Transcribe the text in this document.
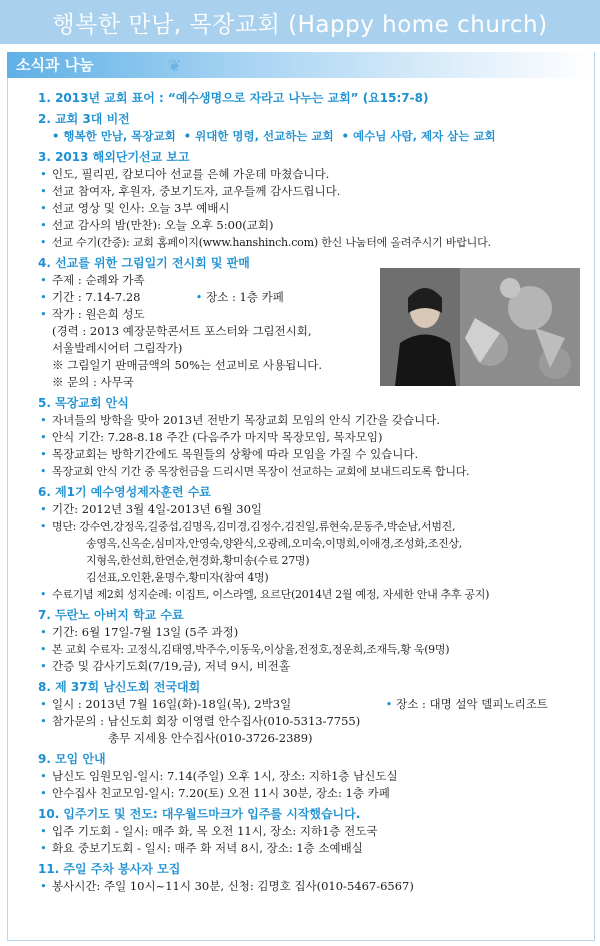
행복한 만남, 목장교회 (Happy home church)
소식과 나눔	❦
1. 2013년 교회 표어 : “예수생명으로 자라고 나누는 교회” (요15:7-8)
2. 교회 3대 비전
• 행복한 만남, 목장교회  • 위대한 명령, 선교하는 교회  • 예수님 사람, 제자 삼는 교회
3. 2013 해외단기선교 보고
• 인도, 필리핀, 캄보디아 선교를 은혜 가운데 마쳤습니다.
• 선교 참여자, 후원자, 중보기도자, 교우들께 감사드립니다.
• 선교 영상 및 인사: 오늘 3부 예배시
• 선교 감사의 밤(만찬): 오늘 오후 5:00(교회)
• 선교 수기(간증): 교회 홈페이지(www.hanshinch.com) 한신 나눔터에 올려주시기 바랍니다.
4. 선교를 위한 그림일기 전시회 및 판매
• 주제 : 순례와 가족
• 기간 : 7.14-7.28	• 장소 : 1층 카페
• 작가 : 원은희 성도
(경력 : 2013 예장문학콘서트 포스터와 그림전시회,
서울발레시어터 그림작가)
※ 그림일기 판매금액의 50%는 선교비로 사용됩니다.
※ 문의 : 사무국
5. 목장교회 안식
• 자녀들의 방학을 맞아 2013년 전반기 목장교회 모임의 안식 기간을 갖습니다.
• 안식 기간: 7.28-8.18 주간 (다음주가 마지막 목장모임, 목자모임)
• 목장교회는 방학기간에도 목원들의 상황에 따라 모임을 가질 수 있습니다.
• 목장교회 안식 기간 중 목장헌금을 드리시면 목장이 선교하는 교회에 보내드리도록 합니다.
6. 제1기 예수영성제자훈련 수료
• 기간: 2012년 3월 4일-2013년 6월 30일
• 명단: 강수연,강정옥,길중섭,김명옥,김미경,김정수,김진일,류현숙,문동주,박순남,서범진,
송영옥,신옥순,심미자,안영숙,양완식,오광례,오미숙,이명희,이애경,조성화,조진상,
지형옥,한선희,한연순,현경화,황미송(수료 27명)
김선표,오인환,윤명수,황미자(참여 4명)
• 수료기념 제2회 성지순례: 이집트, 이스라엘, 요르단(2014년 2월 예정, 자세한 안내 추후 공지)
7. 두란노 아버지 학교 수료
• 기간: 6월 17일-7월 13일 (5주 과정)
• 본 교회 수료자: 고정식,김태영,박주수,이동욱,이상율,전정호,정운희,조재득,황 욱(9명)
• 간증 및 감사기도회(7/19,금), 저녁 9시, 비전홀
8. 제 37회 남신도회 전국대회
• 일시 : 2013년 7월 16일(화)-18일(목), 2박3일	• 장소 : 대명 설악 델피노리조트
• 참가문의 : 남신도회 회장 이영렬 안수집사(010-5313-7755)
총무 지세용 안수집사(010-3726-2389)
9. 모임 안내
• 남신도 임원모임-일시: 7.14(주일) 오후 1시, 장소: 지하1층 남신도실
• 안수집사 친교모임-일시: 7.20(토) 오전 11시 30분, 장소: 1층 카페
10. 입주기도 및 전도: 대우월드마크가 입주를 시작했습니다.
• 입주 기도회 - 일시: 매주 화, 목 오전 11시, 장소: 지하1층 전도국
• 화요 중보기도회 - 일시: 매주 화 저녁 8시, 장소: 1층 소예배실
11. 주일 주차 봉사자 모집
• 봉사시간: 주일 10시~11시 30분, 신청: 김명호 집사(010-5467-6567)
